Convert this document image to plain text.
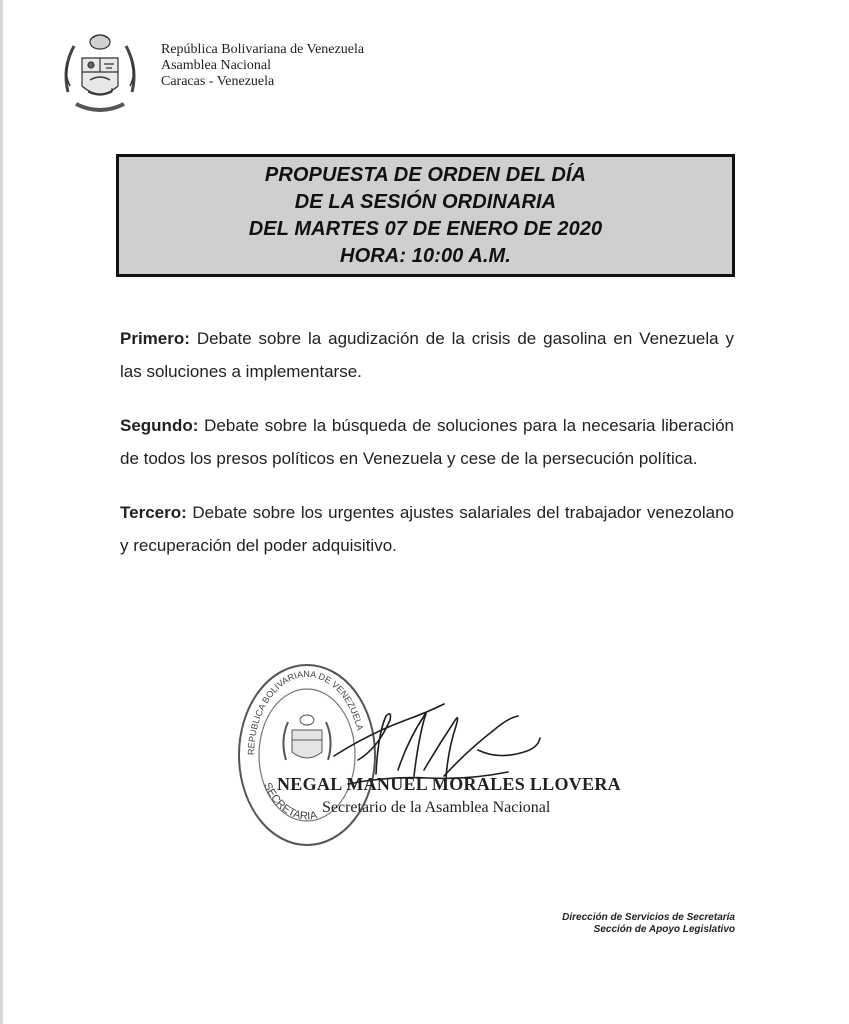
República Bolivariana de Venezuela
Asamblea Nacional
Caracas - Venezuela
PROPUESTA DE ORDEN DEL DÍA
DE LA SESIÓN ORDINARIA
DEL MARTES 07 DE ENERO DE 2020
HORA: 10:00 A.M.

Primero: Debate sobre la agudización de la crisis de gasolina en Venezuela y las soluciones a implementarse.

Segundo: Debate sobre la búsqueda de soluciones para la necesaria liberación de todos los presos políticos en Venezuela y cese de la persecución política.

Tercero: Debate sobre los urgentes ajustes salariales del trabajador venezolano y recuperación del poder adquisitivo.

REPUBLICA BOLIVARIANA DE VENEZUELA
SECRETARIA
NEGAL MANUEL MORALES LLOVERA
Secretario de la Asamblea Nacional
Dirección de Servicios de Secretaría
Sección de Apoyo Legislativo
